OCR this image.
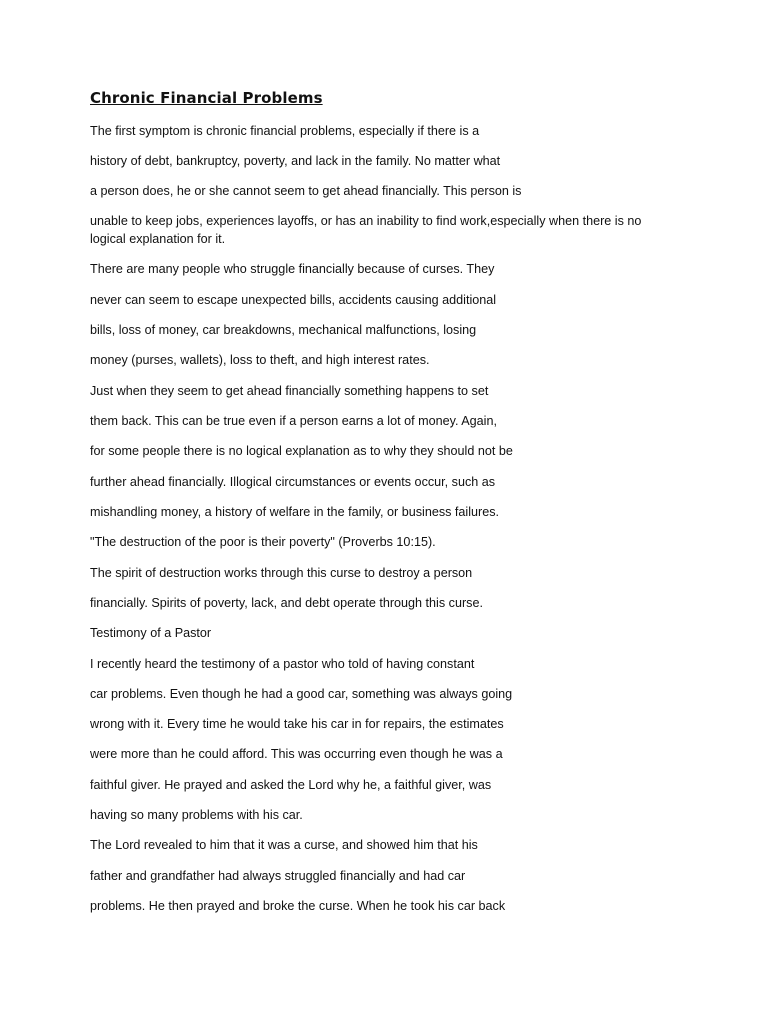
Chronic Financial Problems
The first symptom is chronic financial problems, especially if there is a
history of debt, bankruptcy, poverty, and lack in the family. No matter what
a person does, he or she cannot seem to get ahead financially. This person is
unable to keep jobs, experiences layoffs, or has an inability to find work,especially when there is no logical explanation for it.
There are many people who struggle financially because of curses. They
never can seem to escape unexpected bills, accidents causing additional
bills, loss of money, car breakdowns, mechanical malfunctions, losing
money (purses, wallets), loss to theft, and high interest rates.
Just when they seem to get ahead financially something happens to set
them back. This can be true even if a person earns a lot of money. Again,
for some people there is no logical explanation as to why they should not be
further ahead financially. Illogical circumstances or events occur, such as
mishandling money, a history of welfare in the family, or business failures.
"The destruction of the poor is their poverty" (Proverbs 10:15).
The spirit of destruction works through this curse to destroy a person
financially. Spirits of poverty, lack, and debt operate through this curse.
Testimony of a Pastor
I recently heard the testimony of a pastor who told of having constant
car problems. Even though he had a good car, something was always going
wrong with it. Every time he would take his car in for repairs, the estimates
were more than he could afford. This was occurring even though he was a
faithful giver. He prayed and asked the Lord why he, a faithful giver, was
having so many problems with his car.
The Lord revealed to him that it was a curse, and showed him that his
father and grandfather had always struggled financially and had car
problems. He then prayed and broke the curse. When he took his car back
